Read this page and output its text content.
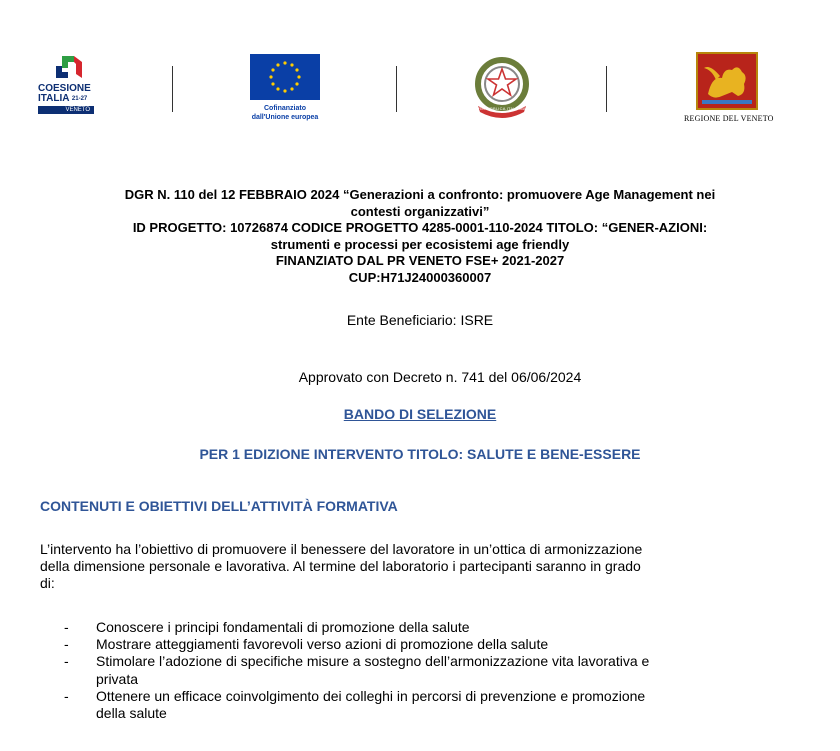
COESIONE
ITALIA $^{21-27}$
VENETO	Cofinanziato
dall'Unione europea
REPUBBLICA ITALIANA
REGIONE DEL VENETO
DGR N. 110 del 12 FEBBRAIO 2024 “Generazioni a confronto: promuovere Age Management nei
contesti organizzativi”
ID PROGETTO: 10726874 CODICE PROGETTO 4285-0001-110-2024 TITOLO: “GENER-AZIONI:
strumenti e processi per ecosistemi age friendly
FINANZIATO DAL PR VENETO FSE+ 2021-2027
CUP:H71J24000360007
Ente Beneficiario: ISRE
Approvato con Decreto n. 741 del 06/06/2024
BANDO DI SELEZIONE
PER 1 EDIZIONE INTERVENTO TITOLO: SALUTE E BENE-ESSERE
CONTENUTI E OBIETTIVI DELL’ATTIVITÀ FORMATIVA
L’intervento ha l’obiettivo di promuovere il benessere del lavoratore in un’ottica di armonizzazione
della dimensione personale e lavorativa. Al termine del laboratorio i partecipanti saranno in grado
di:
- Conoscere i principi fondamentali di promozione della salute
- Mostrare atteggiamenti favorevoli verso azioni di promozione della salute
- Stimolare l’adozione di specifiche misure a sostegno dell’armonizzazione vita lavorativa e
privata
- Ottenere un efficace coinvolgimento dei colleghi in percorsi di prevenzione e promozione
della salute
